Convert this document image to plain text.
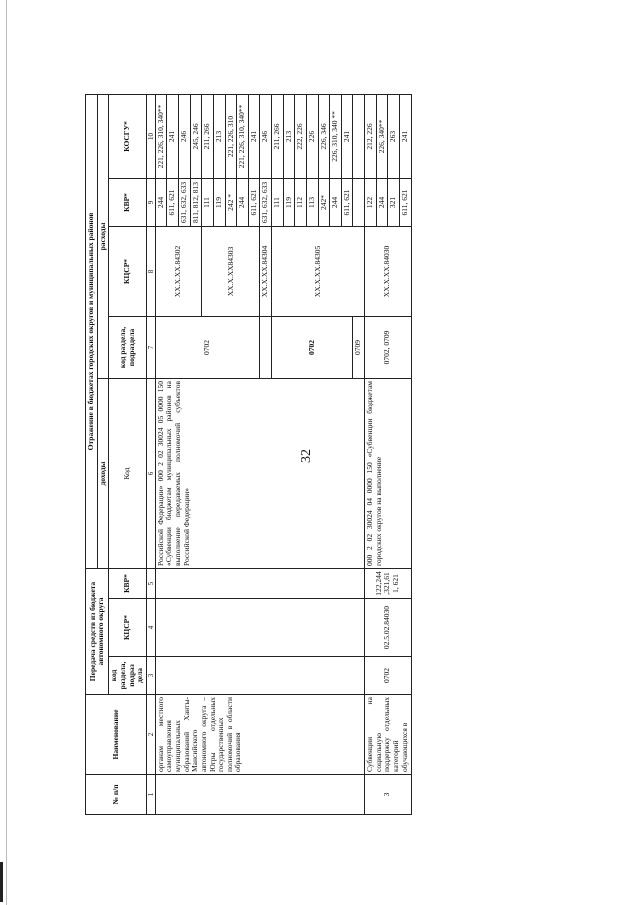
32
№ п/п	Наименование	Передача средств из бюджета автономного округа			Отражение в бюджетах городских округов и муниципальных районов				
					доходы	расходы			
		код раздела, подраз дела	КЦСР*	КВР*	Код	код раздела, подраздела	КЦСР*	КВР*	КОСГУ*
1	2	3	4	5	6	7	8	9	10
	органам местного самоуправления муниципальных образований Ханты-Мансийского автономного округа – Югры отдельных государственных полномочий в области образования				Российской Федерации» 000 2 02 30024 05 0000 150 «Субвенции бюджетам муниципальных районов на выполнение передаваемых полномочий субъектов Российской Федерации»	0702	XX.X.XX.84302	244	221, 226, 310, 340**
								611, 621	241
								631, 632, 633	246
								811, 812, 813	245, 246
							XX.X.XX84303	111	211, 266
								119	213
								242 *	221, 226, 310
								244	221, 226, 310, 340**
								611, 621	241
							XX.X.XX.84304	631, 632, 633	246
						0702	XX.X.XX.84305	111	211, 266
								119	213
								112	222, 226
								113	226
								242*	226, 346

								244	226, 310, 340 **

								611, 621	241
						0709			
3	Субвенции на социальную поддержку отдельных категорий обучающихся в	0702	02.5.02.84030	122,244,321,611, 621	000 2 02 30024 04 0000 150 «Субвенции бюджетам городских округов на выполнение	0702, 0709	XX.X.XX.84030	122	212, 226
								244	226, 340**
								321	263
								611, 621	241
